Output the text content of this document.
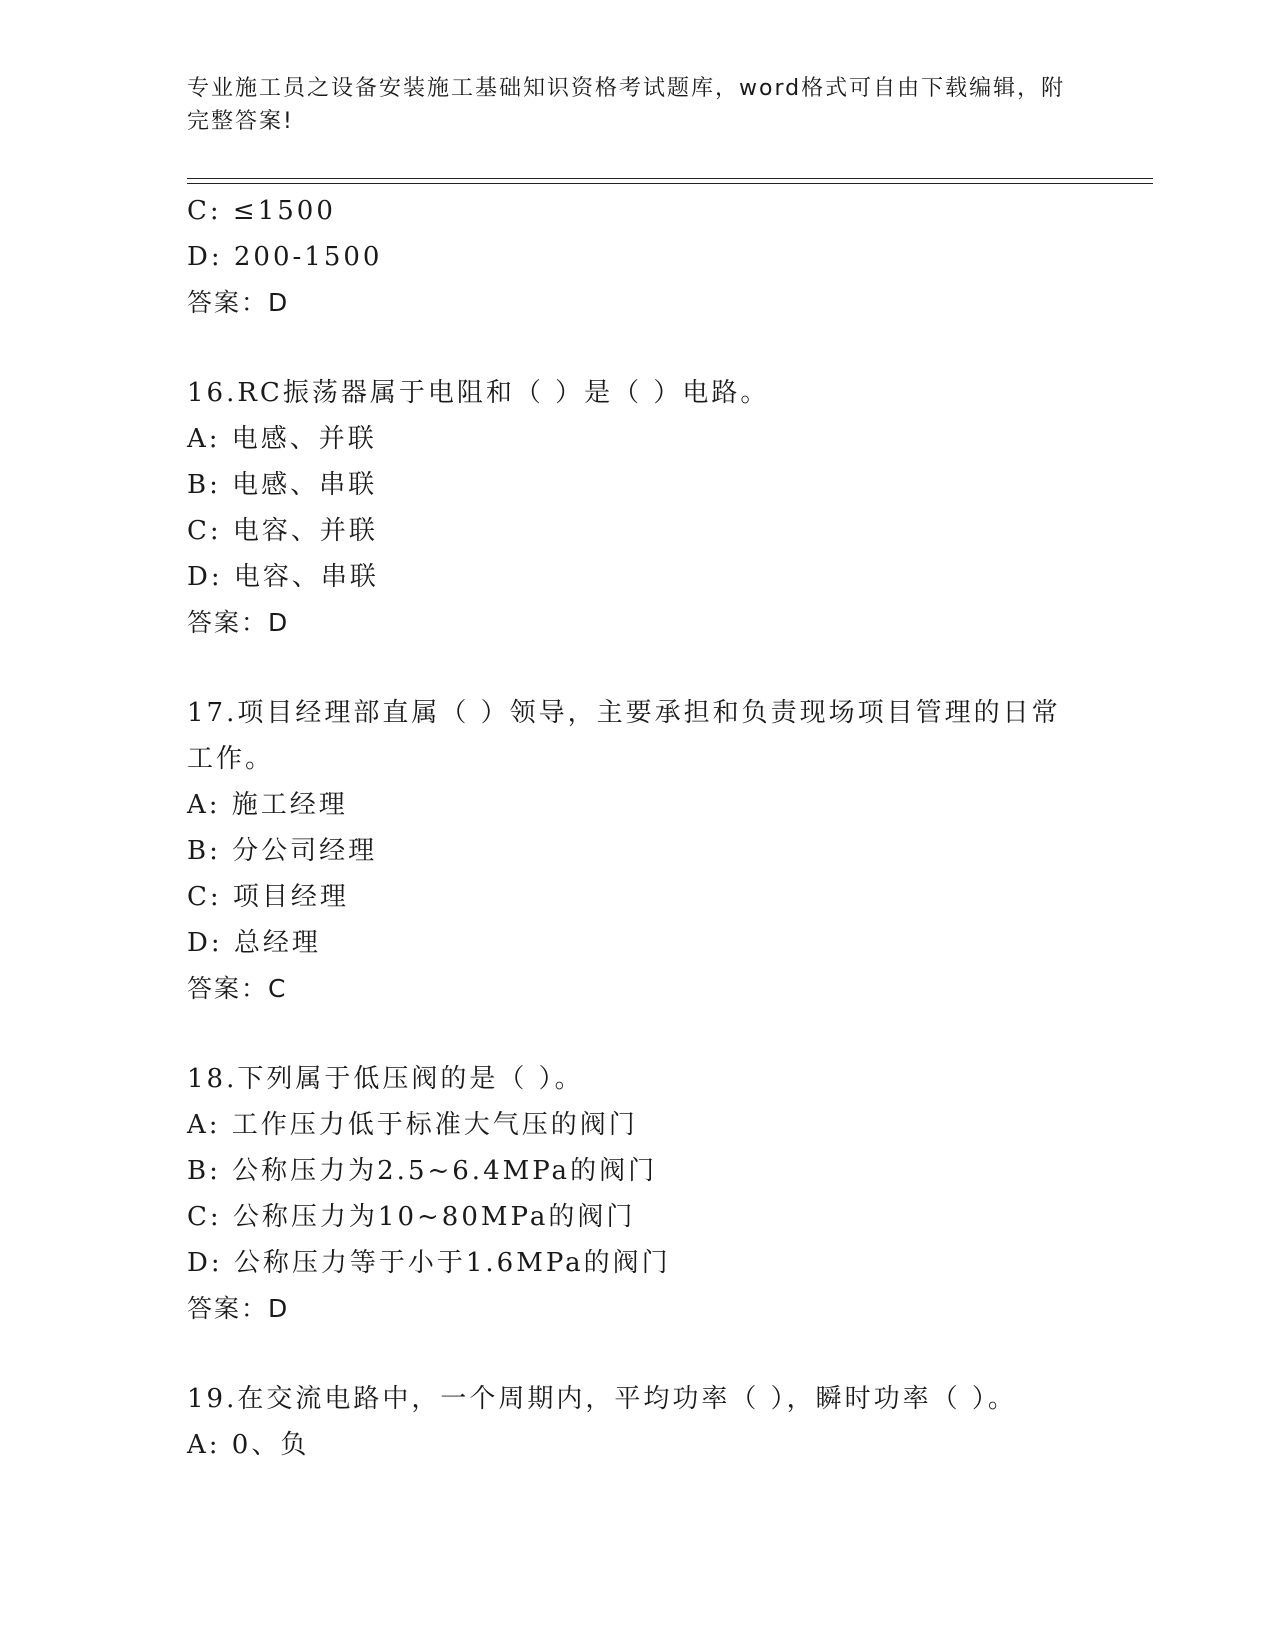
专业施工员之设备安装施工基础知识资格考试题库，word格式可自由下载编辑，附完整答案!
C: ≤1500
D: 200-1500
答案：D
16.RC振荡器属于电阻和（ ）是（ ）电路。
A: 电感、并联
B: 电感、串联
C: 电容、并联
D: 电容、串联
答案：D
17.项目经理部直属（ ）领导，主要承担和负责现场项目管理的日常工作。
A: 施工经理
B: 分公司经理
C: 项目经理
D: 总经理
答案：C
18.下列属于低压阀的是（ ）。
A: 工作压力低于标准大气压的阀门
B: 公称压力为2.5~6.4MPa的阀门
C: 公称压力为10~80MPa的阀门
D: 公称压力等于小于1.6MPa的阀门
答案：D
19.在交流电路中，一个周期内，平均功率（ ），瞬时功率（ ）。
A: 0、负
